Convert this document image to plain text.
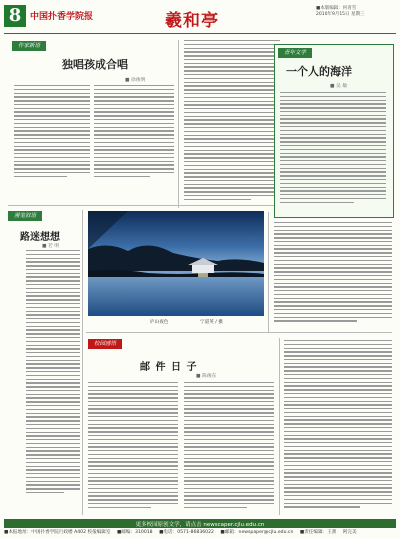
8 中国扑香学院报	羲和亭
■本版编辑：何青雪
2010年9月15日 星期三
作家新语
独唱孩成合唱
■ 徐俊明
青年文学
一个人的海洋
■ 吴 敏
漫笔叙语
路迷想想
■ 若 明
庐山夜色	宁道英 / 摄
校园感悟
邮 件 日 子
■ 陈俊东
更多校园原创文学，请点击 newscaper.cjlu.edu.cn
■本报地址：中国扑香学院行政楼 A402 校报编辑室 ■邮编：310018 ■电话：0571-86836022 ■邮箱：newspaper@cjlu.edu.cn ■责任编辑：王蕾 阿完美
